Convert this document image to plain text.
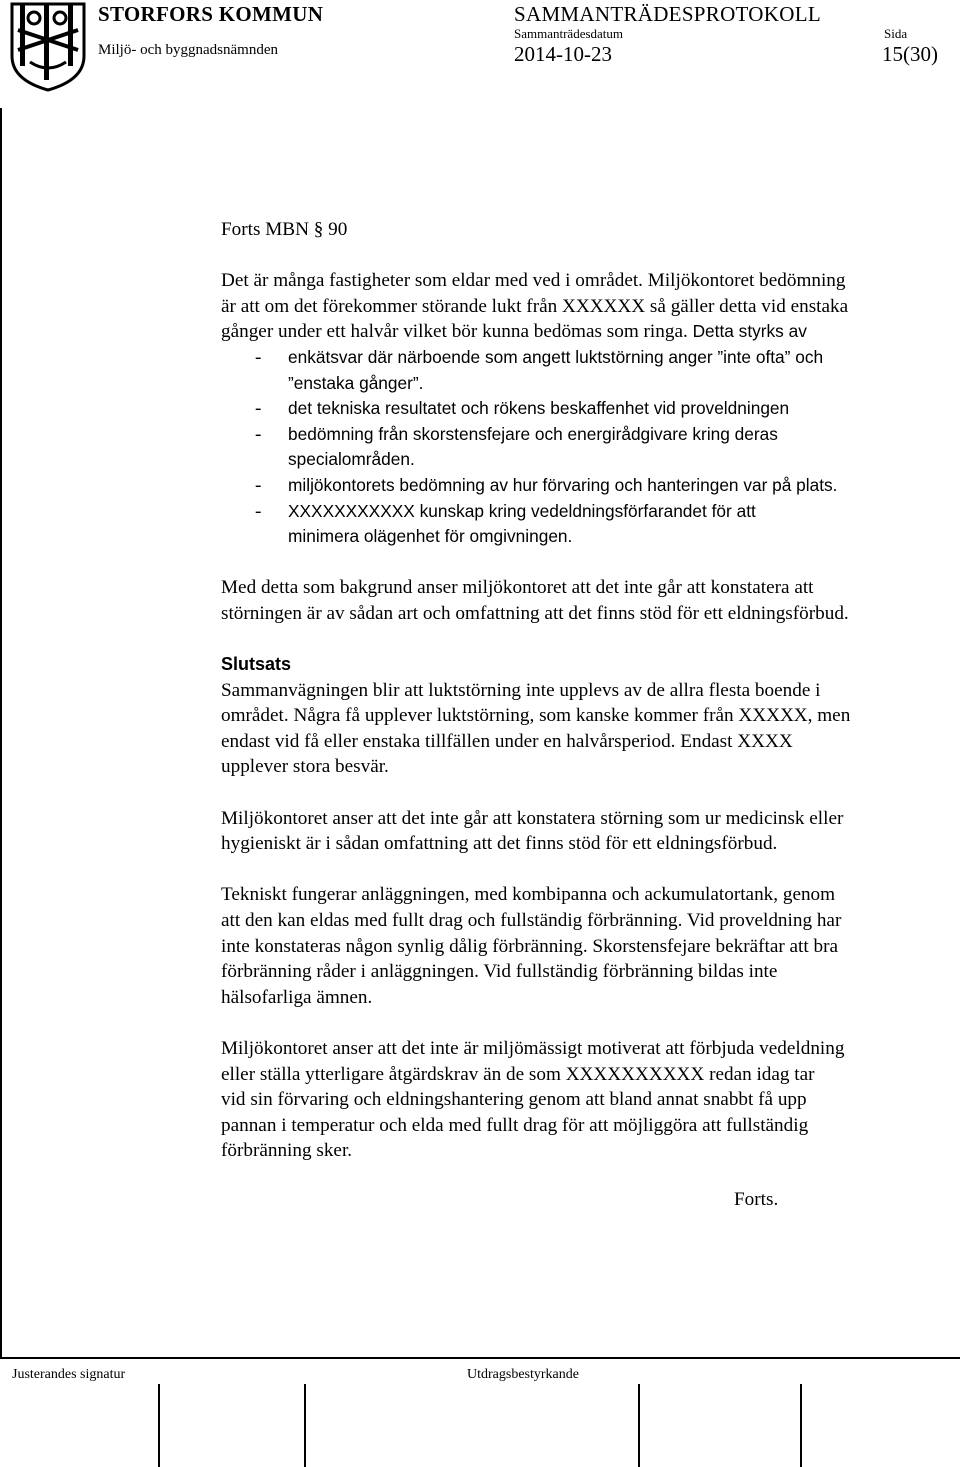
STORFORS KOMMUN
Miljö- och byggnadsnämnden
SAMMANTRÄDESPROTOKOLL
Sammanträdesdatum
2014-10-23
Sida
15(30)
Forts MBN § 90
Det är många fastigheter som eldar med ved i området. Miljökontoret bedömning
är att om det förekommer störande lukt från XXXXXX så gäller detta vid enstaka
gånger under ett halvår vilket bör kunna bedömas som ringa. Detta styrks av
- enkätsvar där närboende som angett luktstörning anger ”inte ofta” och
”enstaka gånger”.
- det tekniska resultatet och rökens beskaffenhet vid proveldningen
- bedömning från skorstensfejare och energirådgivare kring deras
specialområden.
- miljökontorets bedömning av hur förvaring och hanteringen var på plats.
- XXXXXXXXXXX kunskap kring vedeldningsförfarandet för att
minimera olägenhet för omgivningen.
Med detta som bakgrund anser miljökontoret att det inte går att konstatera att
störningen är av sådan art och omfattning att det finns stöd för ett eldningsförbud.
Slutsats
Sammanvägningen blir att luktstörning inte upplevs av de allra flesta boende i
området. Några få upplever luktstörning, som kanske kommer från XXXXX, men
endast vid få eller enstaka tillfällen under en halvårsperiod. Endast XXXX
upplever stora besvär.
Miljökontoret anser att det inte går att konstatera störning som ur medicinsk eller
hygieniskt är i sådan omfattning att det finns stöd för ett eldningsförbud.
Tekniskt fungerar anläggningen, med kombipanna och ackumulatortank, genom
att den kan eldas med fullt drag och fullständig förbränning. Vid proveldning har
inte konstateras någon synlig dålig förbränning. Skorstensfejare bekräftar att bra
förbränning råder i anläggningen. Vid fullständig förbränning bildas inte
hälsofarliga ämnen.
Miljökontoret anser att det inte är miljömässigt motiverat att förbjuda vedeldning
eller ställa ytterligare åtgärdskrav än de som XXXXXXXXXX redan idag tar
vid sin förvaring och eldningshantering genom att bland annat snabbt få upp
pannan i temperatur och elda med fullt drag för att möjliggöra att fullständig
förbränning sker.
Forts.
Justerandes signatur	Utdragsbestyrkande
